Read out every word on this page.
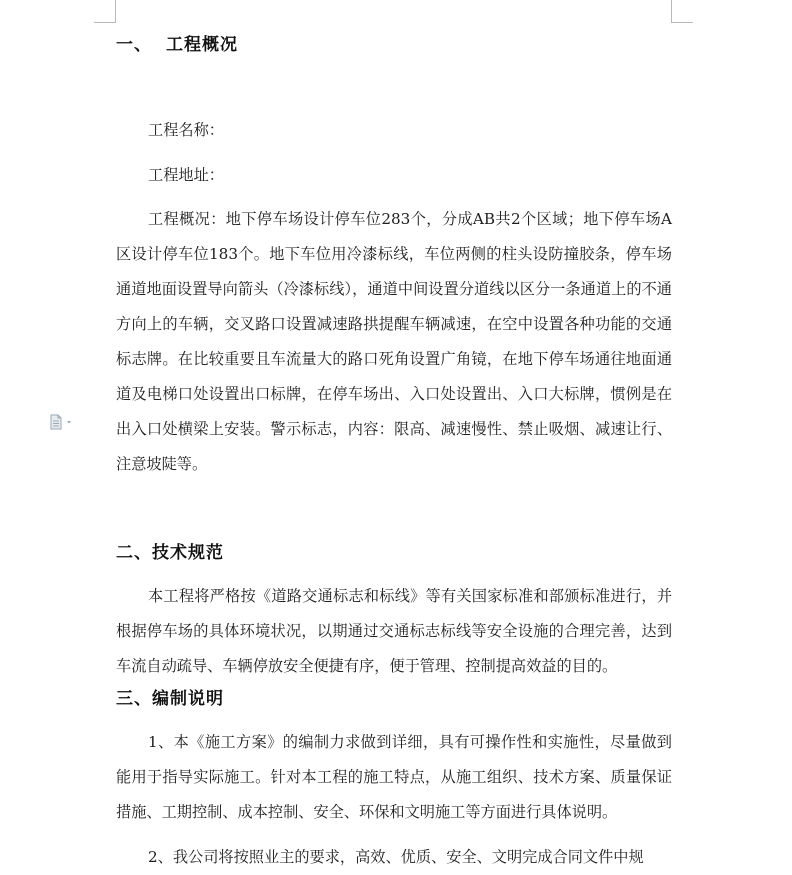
一、 工程概况

工程名称：

工程地址：

工程概况：地下停车场设计停车位283个，分成AB共2个区域；地下停车场A区设计停车位183个。地下车位用冷漆标线，车位两侧的柱头设防撞胶条，停车场通道地面设置导向箭头（冷漆标线），通道中间设置分道线以区分一条通道上的不通方向上的车辆，交叉路口设置减速路拱提醒车辆减速，在空中设置各种功能的交通标志牌。在比较重要且车流量大的路口死角设置广角镜，在地下停车场通往地面通道及电梯口处设置出口标牌，在停车场出、入口处设置出、入口大标牌，惯例是在出入口处横梁上安装。警示标志，内容：限高、减速慢性、禁止吸烟、减速让行、注意坡陡等。

二、技术规范

本工程将严格按《道路交通标志和标线》等有关国家标准和部颁标准进行，并根据停车场的具体环境状况，以期通过交通标志标线等安全设施的合理完善，达到车流自动疏导、车辆停放安全便捷有序，便于管理、控制提高效益的目的。

三、编制说明

1、本《施工方案》的编制力求做到详细，具有可操作性和实施性，尽量做到能用于指导实际施工。针对本工程的施工特点，从施工组织、技术方案、质量保证措施、工期控制、成本控制、安全、环保和文明施工等方面进行具体说明。

2、我公司将按照业主的要求，高效、优质、安全、文明完成合同文件中规
